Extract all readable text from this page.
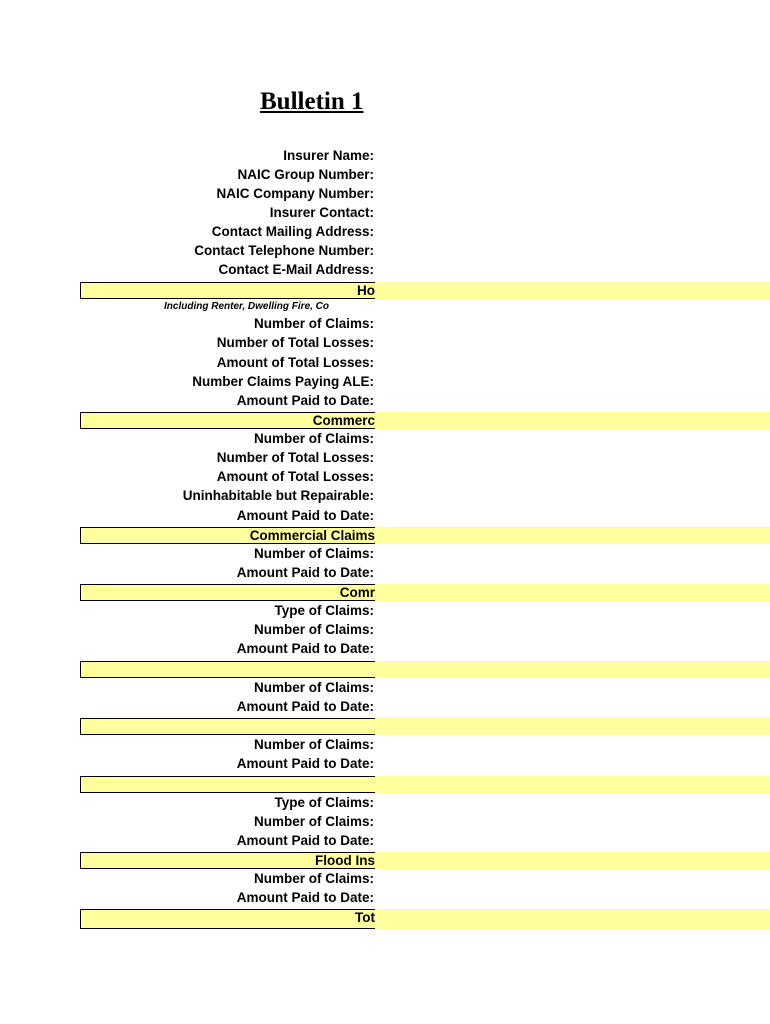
Bulletin 1
Insurer Name:
NAIC Group Number:
NAIC Company Number:
Insurer Contact:
Contact Mailing Address:
Contact Telephone Number:
Contact E-Mail Address:
Ho
Including Renter, Dwelling Fire, Co
Number of Claims:
Number of Total Losses:
Amount of Total Losses:
Number Claims Paying ALE:
Amount Paid to Date:
Commerc
Number of Claims:
Number of Total Losses:
Amount of Total Losses:
Uninhabitable but Repairable:
Amount Paid to Date:
Commercial Claims
Number of Claims:
Amount Paid to Date:
Comr
Type of Claims:
Number of Claims:
Amount Paid to Date:
Number of Claims:
Amount Paid to Date:
Number of Claims:
Amount Paid to Date:
Type of Claims:
Number of Claims:
Amount Paid to Date:
Flood Ins
Number of Claims:
Amount Paid to Date:
Tot
